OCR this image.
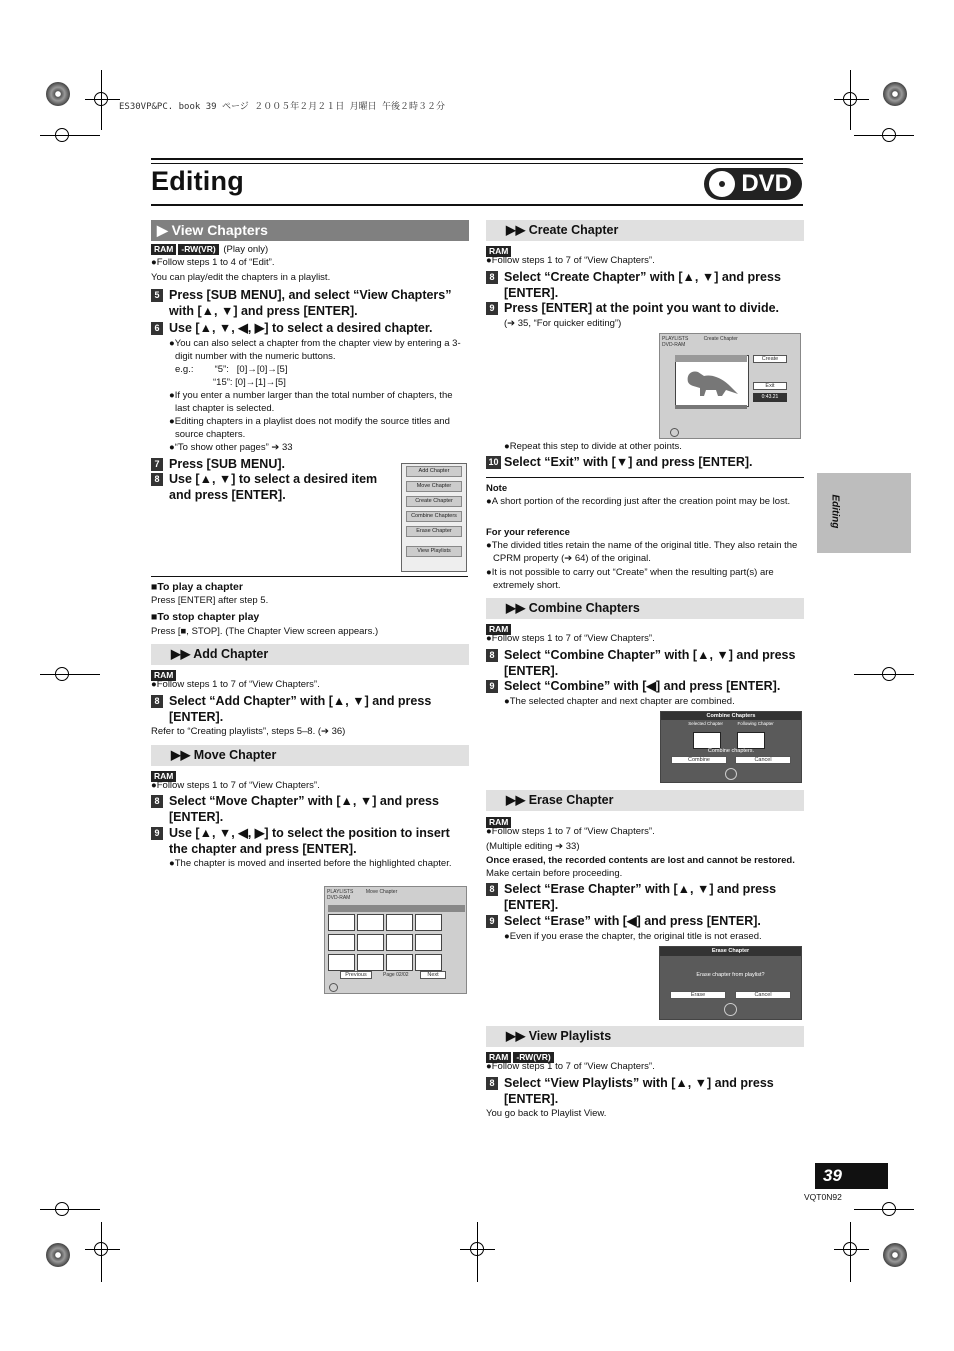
ES30VP&PC. book 39 ページ ２００５年２月２１日 月曜日 午後２時３２分
Editing	DVD
Editing
▶ View Chapters
RAM -RW(VR) (Play only)
●Follow steps 1 to 4 of “Edit”.
You can play/edit the chapters in a playlist.
5 Press [SUB MENU], and select “View Chapters” with [▲, ▼] and press [ENTER].
6 Use [▲, ▼, ◀, ▶] to select a desired chapter.
●You can also select a chapter from the chapter view by entering a 3-digit number with the numeric buttons.
e.g.:        “5”:   [0]→[0]→[5]
“15”: [0]→[1]→[5]
●If you enter a number larger than the total number of chapters, the last chapter is selected.
●Editing chapters in a playlist does not modify the source titles and source chapters.
●“To show other pages” ➔ 33
7 Press [SUB MENU].
8 Use [▲, ▼] to select a desired item and press [ENTER].
Add Chapter
Move Chapter
Create Chapter
Combine Chapters
Erase Chapter
View Playlists
■To play a chapter
Press [ENTER] after step 5.
■To stop chapter play
Press [■, STOP]. (The Chapter View screen appears.)
▶▶ Add Chapter
RAM
●Follow steps 1 to 7 of “View Chapters”.
8 Select “Add Chapter” with [▲, ▼] and press [ENTER].
Refer to “Creating playlists”, steps 5–8. (➔ 36)
▶▶ Move Chapter
RAM
●Follow steps 1 to 7 of “View Chapters”.
8 Select “Move Chapter” with [▲, ▼] and press [ENTER].
9 Use [▲, ▼, ◀, ▶] to select the position to insert the chapter and press [ENTER].
●The chapter is moved and inserted before the highlighted chapter.
PLAYLISTS	Move Chapter
DVD-RAM
Previous	Page 02/02	Next
▶▶ Create Chapter
RAM
●Follow steps 1 to 7 of “View Chapters”.
8 Select “Create Chapter” with [▲, ▼] and press [ENTER].
9 Press [ENTER] at the point you want to divide.
(➔ 35, “For quicker editing”)
PLAYLISTS	Create Chapter
DVD-RAM
Create
Exit
0:43.21
●Repeat this step to divide at other points.
10 Select “Exit” with [▼] and press [ENTER].
Note
●A short portion of the recording just after the creation point may be lost.
For your reference
●The divided titles retain the name of the original title. They also retain the CPRM property (➔ 64) of the original.
●It is not possible to carry out “Create” when the resulting part(s) are extremely short.
▶▶ Combine Chapters
RAM
●Follow steps 1 to 7 of “View Chapters”.
8 Select “Combine Chapter” with [▲, ▼] and press [ENTER].
9 Select “Combine” with [◀] and press [ENTER].
●The selected chapter and next chapter are combined.
Combine Chapters
Selected Chapter	Following Chapter
Combine chapters.
Combine	Cancel
▶▶ Erase Chapter
RAM
●Follow steps 1 to 7 of “View Chapters”.
(Multiple editing ➔ 33)
Once erased, the recorded contents are lost and cannot be restored. Make certain before proceeding.
8 Select “Erase Chapter” with [▲, ▼] and press [ENTER].
9 Select “Erase” with [◀] and press [ENTER].
●Even if you erase the chapter, the original title is not erased.
Erase Chapter
Erase chapter from playlist?
Erase	Cancel
▶▶ View Playlists
RAM -RW(VR)
●Follow steps 1 to 7 of “View Chapters”.
8 Select “View Playlists” with [▲, ▼] and press [ENTER].
You go back to Playlist View.
39
VQT0N92
